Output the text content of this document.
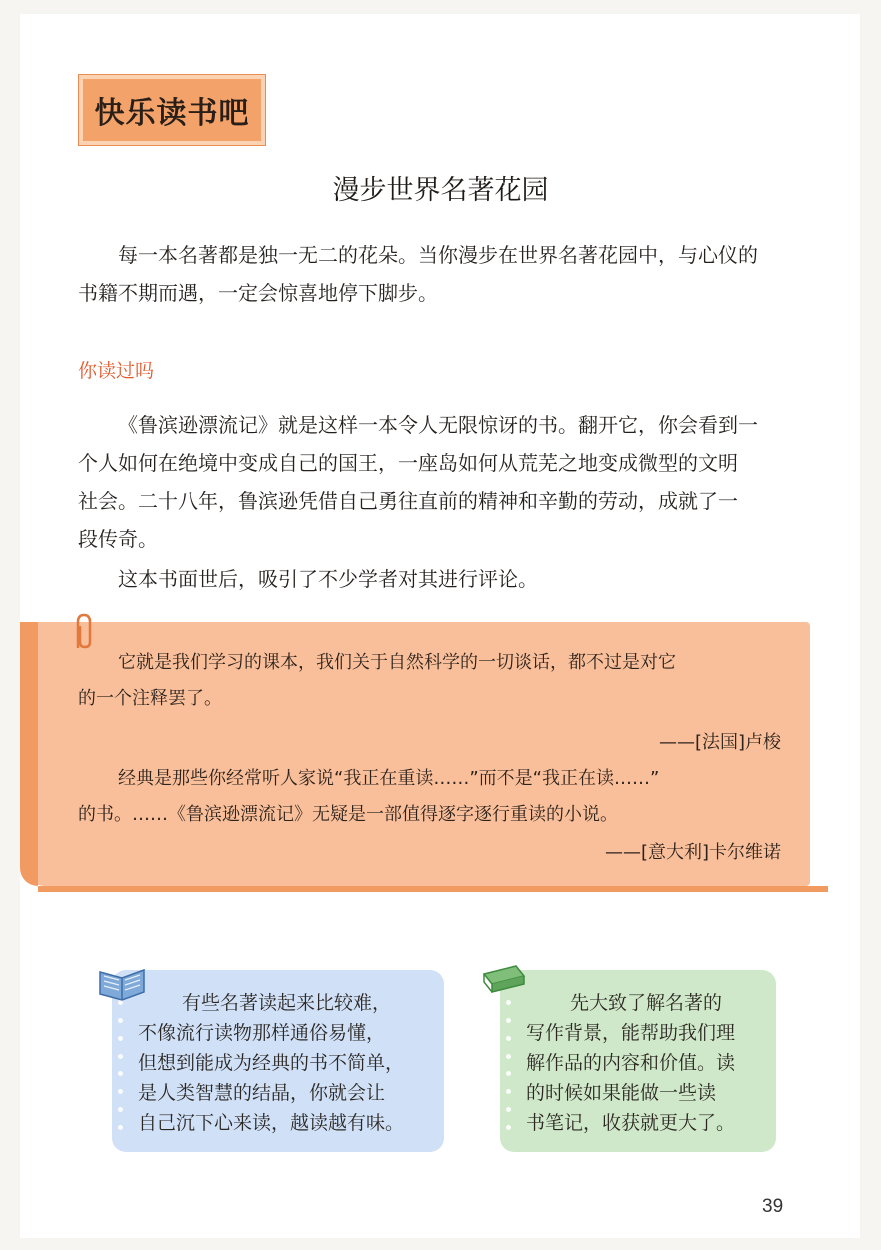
快乐读书吧
漫步世界名著花园
每一本名著都是独一无二的花朵。当你漫步在世界名著花园中，与心仪的
书籍不期而遇，一定会惊喜地停下脚步。
你读过吗
《鲁滨逊漂流记》就是这样一本令人无限惊讶的书。翻开它，你会看到一
个人如何在绝境中变成自己的国王，一座岛如何从荒芜之地变成微型的文明
社会。二十八年，鲁滨逊凭借自己勇往直前的精神和辛勤的劳动，成就了一
段传奇。
这本书面世后，吸引了不少学者对其进行评论。
它就是我们学习的课本，我们关于自然科学的一切谈话，都不过是对它
的一个注释罢了。
——[法国]卢梭
经典是那些你经常听人家说“我正在重读……”而不是“我正在读……”
的书。……《鲁滨逊漂流记》无疑是一部值得逐字逐行重读的小说。
——[意大利]卡尔维诺
有些名著读起来比较难，
不像流行读物那样通俗易懂，
但想到能成为经典的书不简单，
是人类智慧的结晶，你就会让
自己沉下心来读，越读越有味。
先大致了解名著的
写作背景，能帮助我们理
解作品的内容和价值。读
的时候如果能做一些读
书笔记，收获就更大了。
39
